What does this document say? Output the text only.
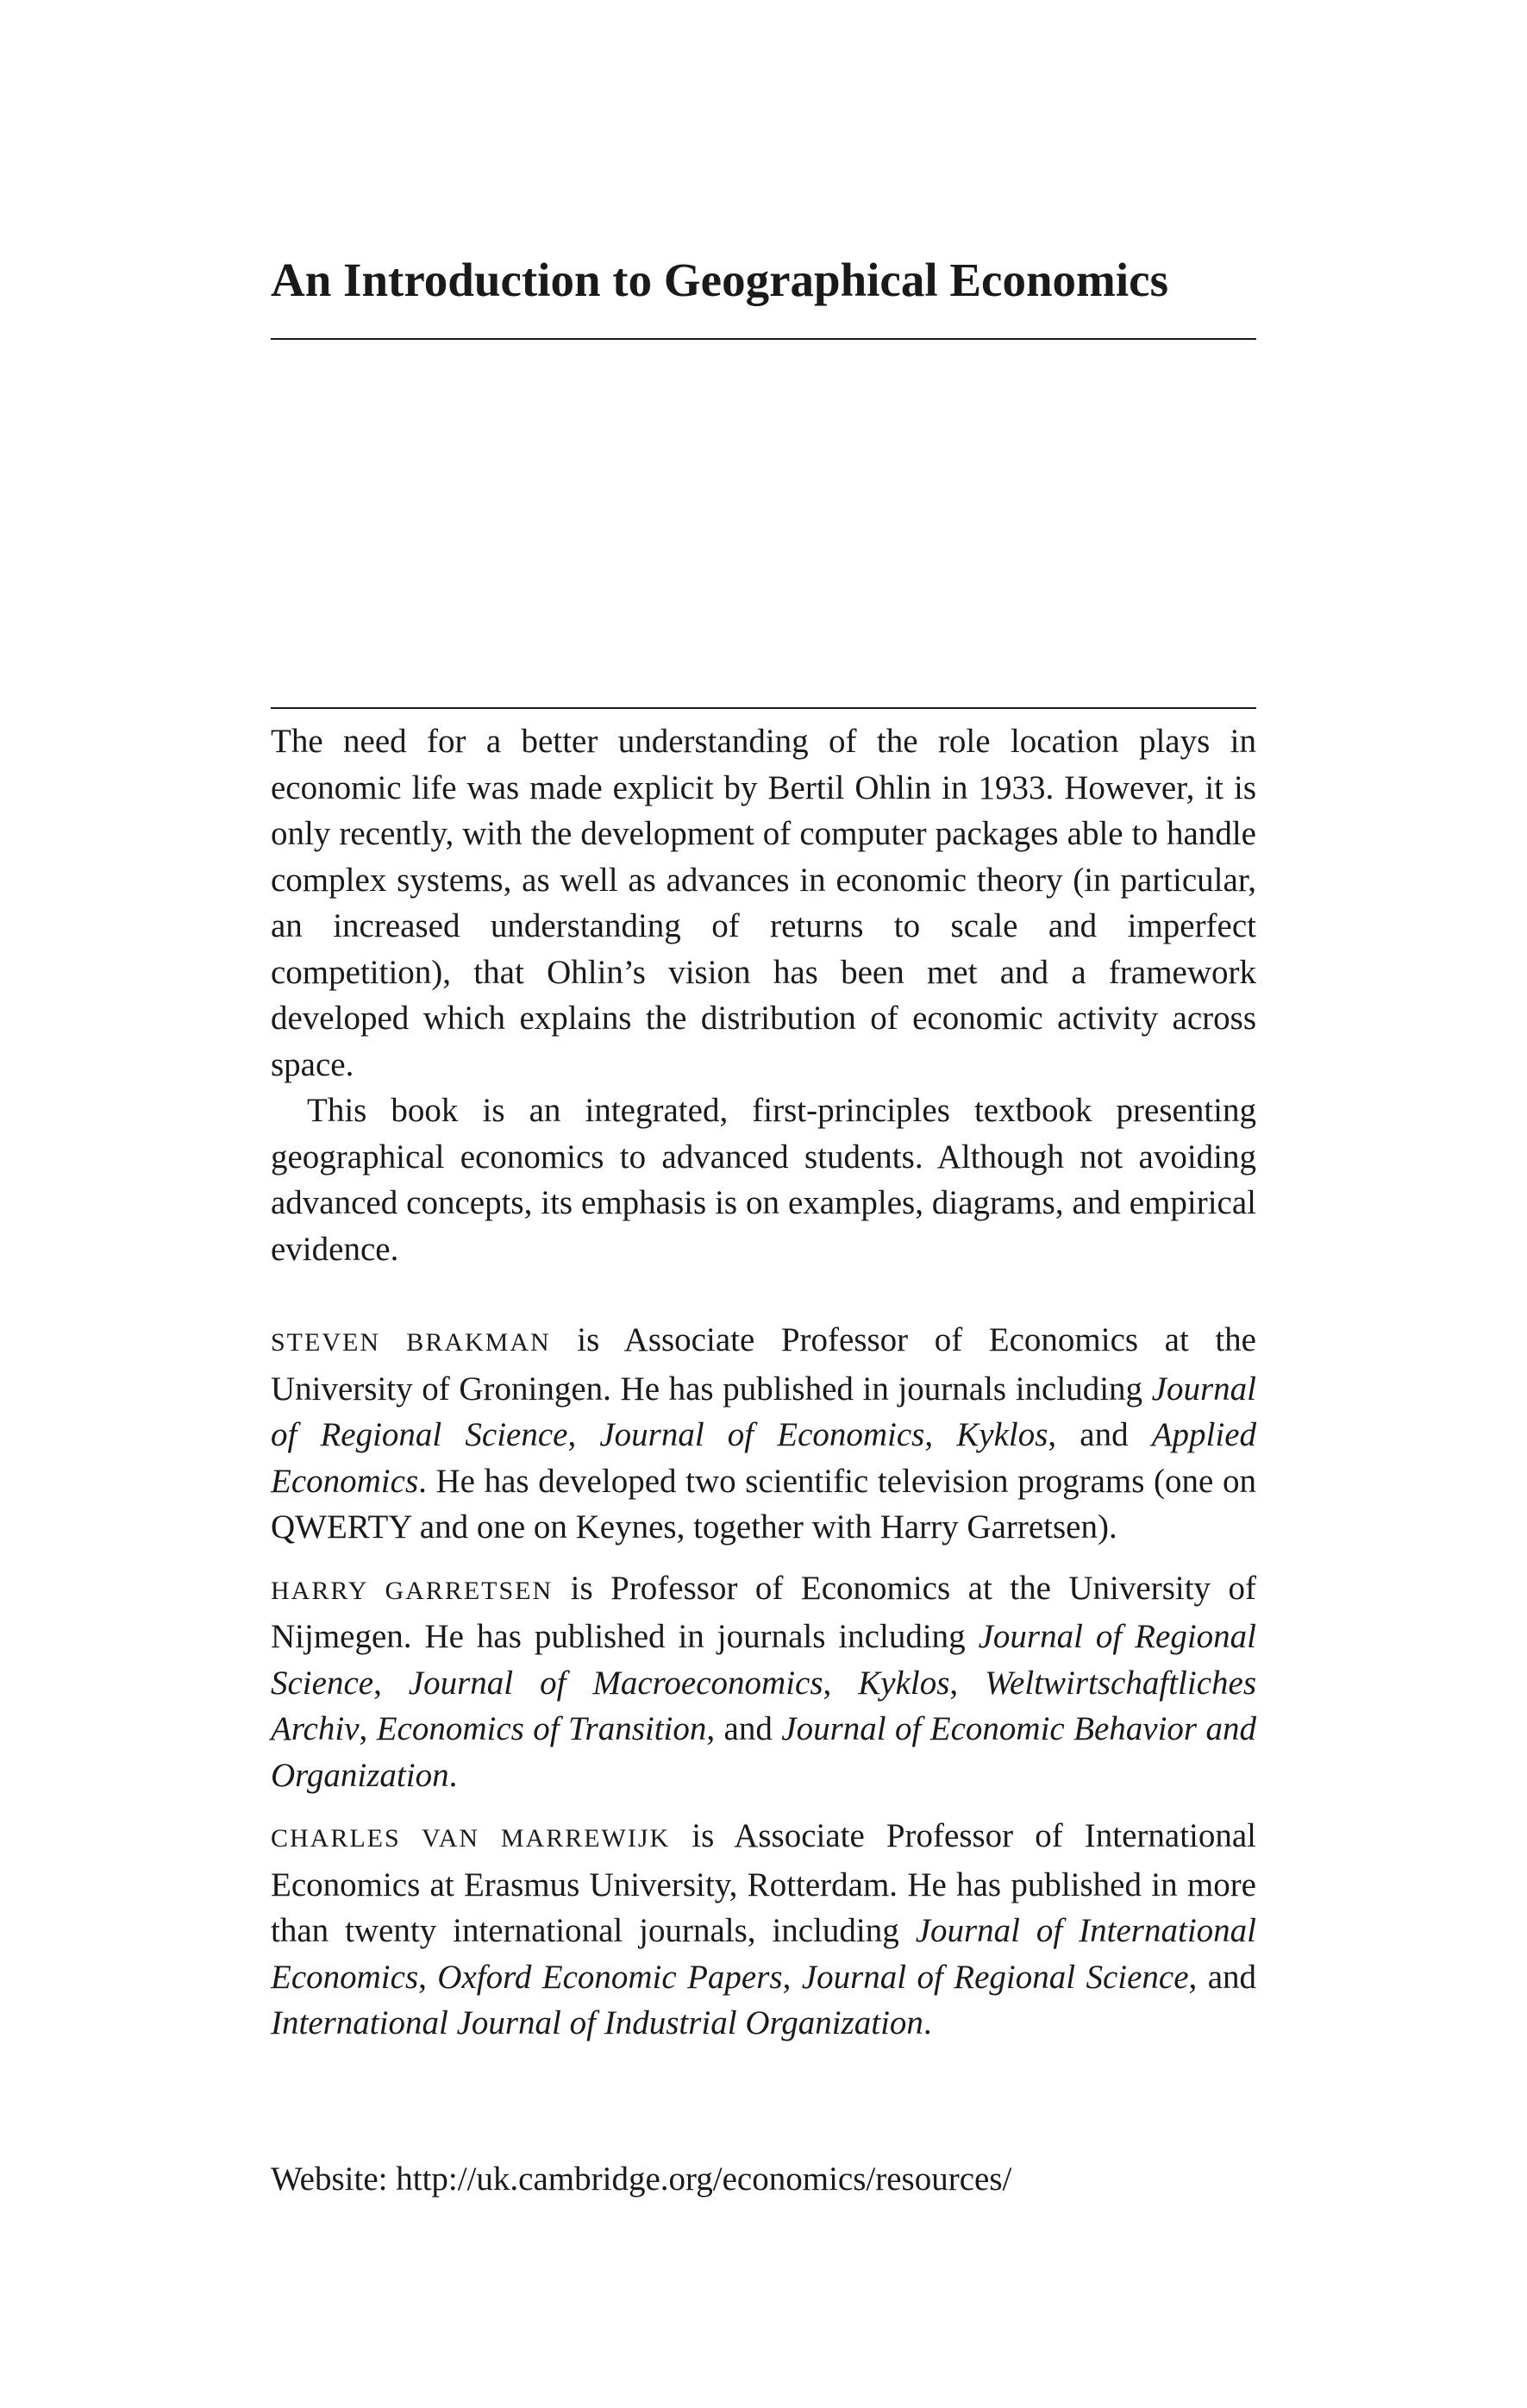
An Introduction to Geographical Economics

The need for a better understanding of the role location plays in economic life was made explicit by Bertil Ohlin in 1933. However, it is only recently, with the development of computer packages able to handle complex systems, as well as advances in economic theory (in particular, an increased understanding of returns to scale and imperfect competition), that Ohlin’s vision has been met and a framework developed which explains the distribution of economic activity across space.

This book is an integrated, first-principles textbook presenting geographical economics to advanced students. Although not avoiding advanced concepts, its emphasis is on examples, diagrams, and empirical evidence.

STEVEN BRAKMAN is Associate Professor of Economics at the University of Groningen. He has published in journals including Journal of Regional Science, Journal of Economics, Kyklos, and Applied Economics. He has developed two scientific television programs (one on QWERTY and one on Keynes, together with Harry Garretsen).

HARRY GARRETSEN is Professor of Economics at the University of Nijmegen. He has published in journals including Journal of Regional Science, Journal of Macroeconomics, Kyklos, Weltwirtschaftliches Archiv, Economics of Transition, and Journal of Economic Behavior and Organization.

CHARLES VAN MARREWIJK is Associate Professor of International Economics at Erasmus University, Rotterdam. He has published in more than twenty international journals, including Journal of International Economics, Oxford Economic Papers, Journal of Regional Science, and International Journal of Industrial Organization.

Website: http://uk.cambridge.org/economics/resources/
